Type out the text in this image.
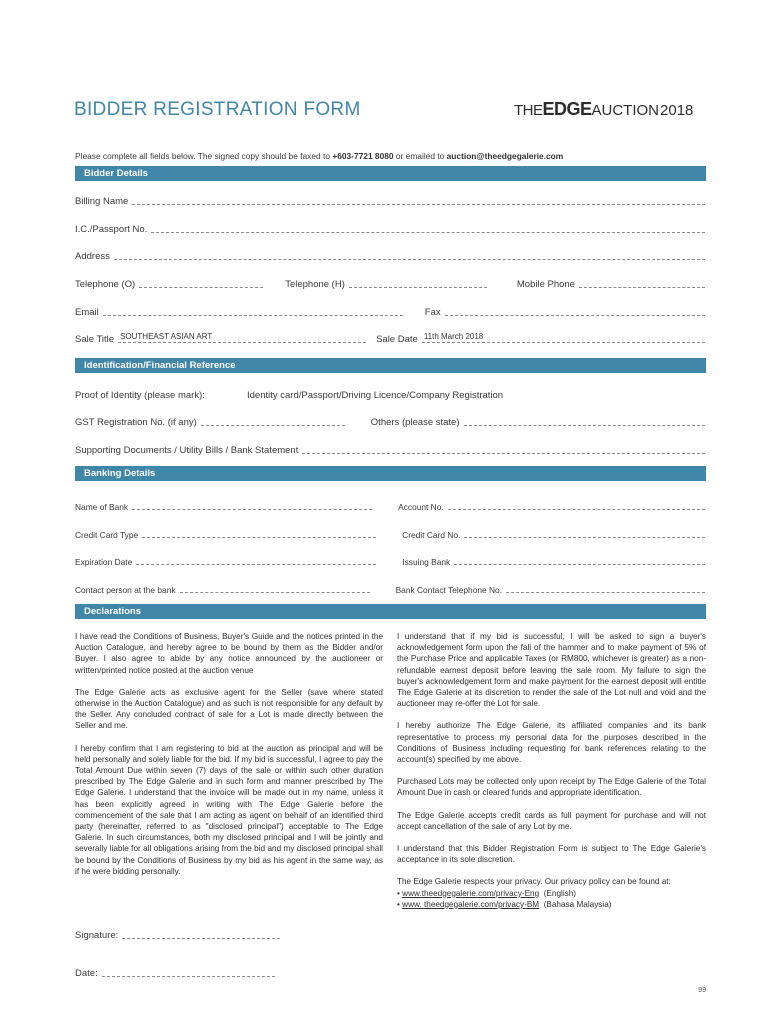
BIDDER REGISTRATION FORM	THEEDGEAUCTION2018
Please complete all fields below. The signed copy should be faxed to +603-7721 8080 or emailed to auction@theedgegalerie.com
Bidder Details
Billing Name
I.C./Passport No.
Address
Telephone (O)	Telephone (H)	Mobile Phone
Email	Fax
Sale Title SOUTHEAST ASIAN ART	Sale Date 11th March 2018
Identification/Financial Reference
Proof of Identity (please mark):	Identity card/Passport/Driving Licence/Company Registration
GST Registration No. (if any)	Others (please state)
Supporting Documents / Utility Bills / Bank Statement
Banking Details
Name of Bank	Account No.
Credit Card Type	Credit Card No.
Expiration Date	Issuing Bank
Contact person at the bank	Bank Contact Telephone No.
Declarations

I have read the Conditions of Business, Buyer's Guide and the notices printed in the Auction Catalogue, and hereby agree to be bound by them as the Bidder and/or Buyer. I also agree to abide by any notice announced by the auctioneer or written/printed notice posted at the auction venue

The Edge Galerie acts as exclusive agent for the Seller (save where stated otherwise in the Auction Catalogue) and as such is not responsible for any default by the Seller. Any concluded contract of sale for a Lot is made directly between the Seller and me.

I hereby confirm that I am registering to bid at the auction as principal and will be held personally and solely liable for the bid. If my bid is successful, I agree to pay the Total Amount Due within seven (7) days of the sale or within such other duration prescribed by The Edge Galerie and in such form and manner prescribed by The Edge Galerie. I understand that the invoice will be made out in my name, unless it has been explicitly agreed in writing with The Edge Galerie before the commencement of the sale that I am acting as agent on behalf of an identified third party (hereinafter, referred to as "disclosed principal") acceptable to The Edge Galerie. In such circumstances, both my disclosed principal and I will be jointly and severally liable for all obligations arising from the bid and my disclosed principal shall be bound by the Conditions of Business by my bid as his agent in the same way, as if he were bidding personally.

I understand that if my bid is successful, I will be asked to sign a buyer's acknowledgement form upon the fall of the hammer and to make payment of 5% of the Purchase Price and applicable Taxes (or RM800, whichever is greater) as a non-refundable earnest deposit before leaving the sale room. My failure to sign the buyer's acknowledgement form and make payment for the earnest deposit will entitle The Edge Galerie at its discretion to render the sale of the Lot null and void and the auctioneer may re-offer the Lot for sale.

I hereby authorize The Edge Galerie, its affiliated companies and its bank representative to process my personal data for the purposes described in the Conditions of Business including requesting for bank references relating to the account(s) specified by me above.

Purchased Lots may be collected only upon receipt by The Edge Galerie of the Total Amount Due in cash or cleared funds and appropriate identification.

The Edge Galerie accepts credit cards as full payment for purchase and will not accept cancellation of the sale of any Lot by me.

I understand that this Bidder Registration Form is subject to The Edge Galerie's acceptance in its sole discretion.

The Edge Galerie respects your privacy. Our privacy policy can be found at:
• www.theedgegalerie.com/privacy-Eng (English)
• www. theedgegalerie.com/privacy-BM (Bahasa Malaysia)
Signature:
Date:
99
